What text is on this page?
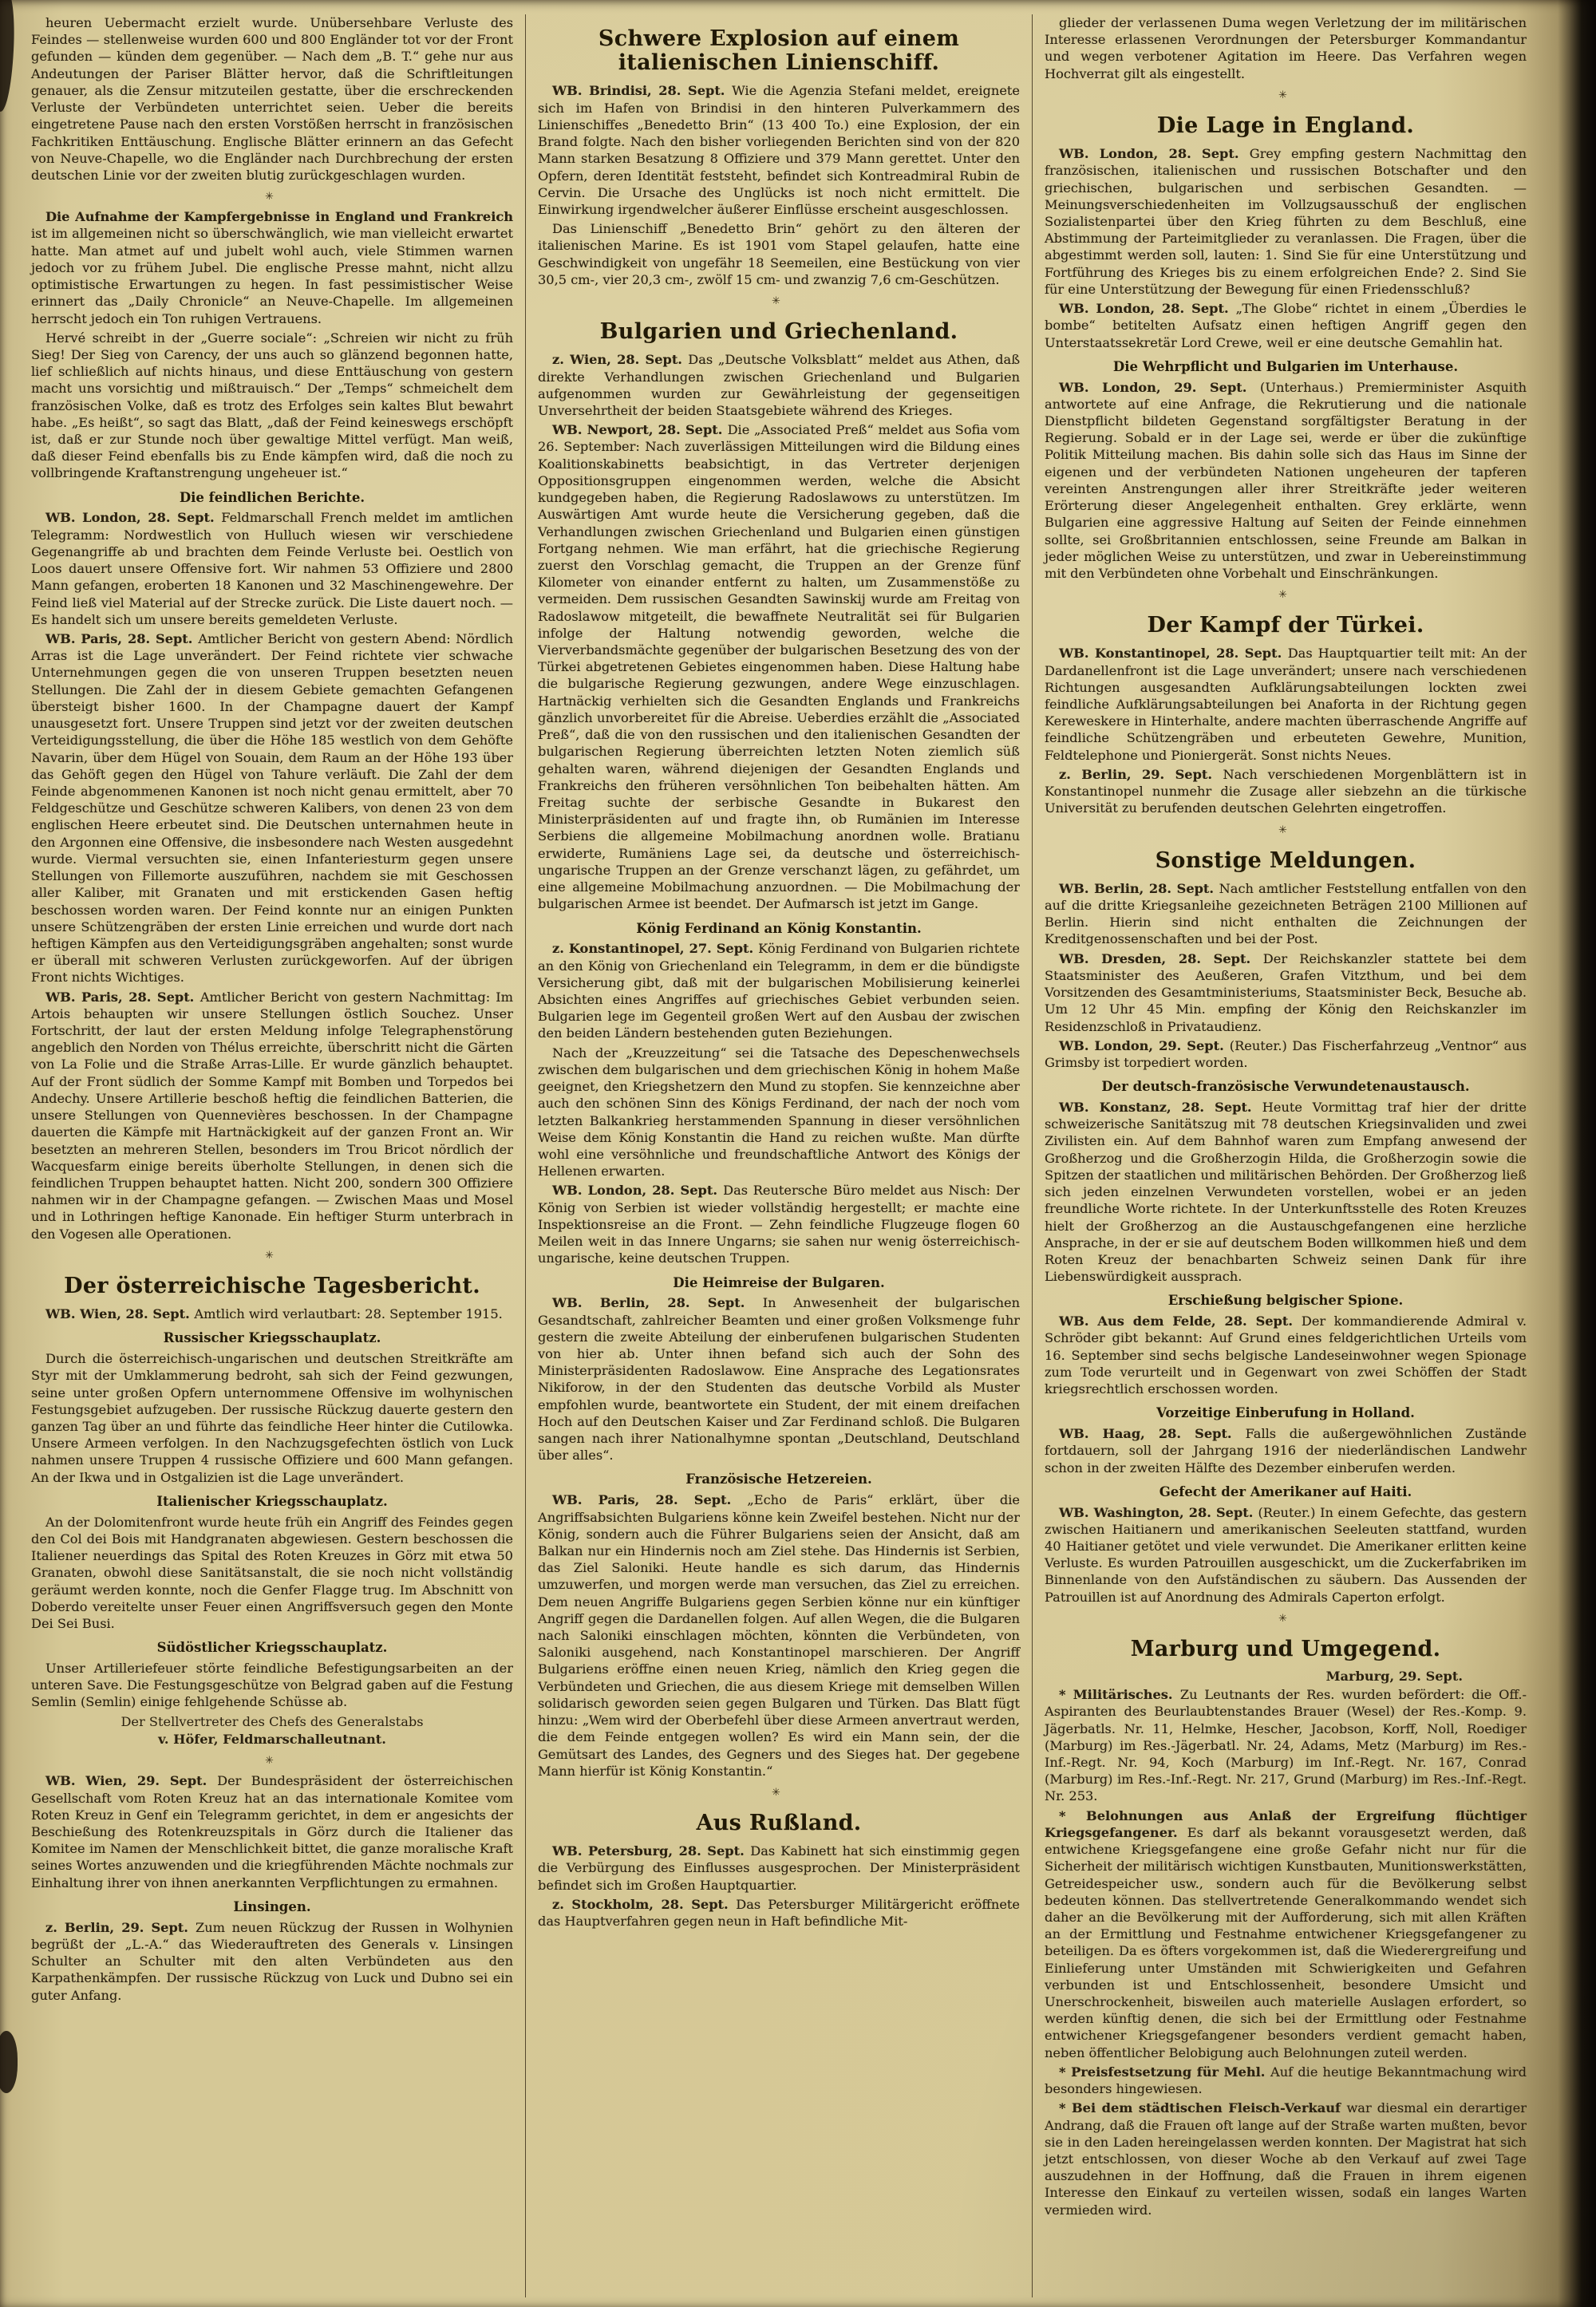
heuren Uebermacht erzielt wurde. Unübersehbare Verluste des Feindes — stellenweise wurden 600 und 800 Engländer tot vor der Front gefunden — künden dem gegenüber. — Nach dem „B. T.“ gehe nur aus Andeutungen der Pariser Blätter hervor, daß die Schriftleitungen genauer, als die Zensur mitzuteilen gestatte, über die erschreckenden Verluste der Verbündeten unterrichtet seien. Ueber die bereits eingetretene Pause nach den ersten Vorstößen herrscht in französischen Fachkritiken Enttäuschung. Englische Blätter erinnern an das Gefecht von Neuve-Chapelle, wo die Engländer nach Durchbrechung der ersten deutschen Linie vor der zweiten blutig zurückgeschlagen wurden.

✳

Die Aufnahme der Kampfergebnisse in England und Frankreich ist im allgemeinen nicht so überschwänglich, wie man vielleicht erwartet hatte. Man atmet auf und jubelt wohl auch, viele Stimmen warnen jedoch vor zu frühem Jubel. Die englische Presse mahnt, nicht allzu optimistische Erwartungen zu hegen. In fast pessimistischer Weise erinnert das „Daily Chronicle“ an Neuve-Chapelle. Im allgemeinen herrscht jedoch ein Ton ruhigen Vertrauens.

Hervé schreibt in der „Guerre sociale“: „Schreien wir nicht zu früh Sieg! Der Sieg von Carency, der uns auch so glänzend begonnen hatte, lief schließlich auf nichts hinaus, und diese Enttäuschung von gestern macht uns vorsichtig und mißtrauisch.“ Der „Temps“ schmeichelt dem französischen Volke, daß es trotz des Erfolges sein kaltes Blut bewahrt habe. „Es heißt“, so sagt das Blatt, „daß der Feind keineswegs erschöpft ist, daß er zur Stunde noch über gewaltige Mittel verfügt. Man weiß, daß dieser Feind ebenfalls bis zu Ende kämpfen wird, daß die noch zu vollbringende Kraftanstrengung ungeheuer ist.“

Die feindlichen Berichte.

WB. London, 28. Sept. Feldmarschall French meldet im amtlichen Telegramm: Nordwestlich von Hulluch wiesen wir verschiedene Gegenangriffe ab und brachten dem Feinde Verluste bei. Oestlich von Loos dauert unsere Offensive fort. Wir nahmen 53 Offiziere und 2800 Mann gefangen, eroberten 18 Kanonen und 32 Maschinengewehre. Der Feind ließ viel Material auf der Strecke zurück. Die Liste dauert noch. — Es handelt sich um unsere bereits gemeldeten Verluste.

WB. Paris, 28. Sept. Amtlicher Bericht von gestern Abend: Nördlich Arras ist die Lage unverändert. Der Feind richtete vier schwache Unternehmungen gegen die von unseren Truppen besetzten neuen Stellungen. Die Zahl der in diesem Gebiete gemachten Gefangenen übersteigt bisher 1600. In der Champagne dauert der Kampf unausgesetzt fort. Unsere Truppen sind jetzt vor der zweiten deutschen Verteidigungsstellung, die über die Höhe 185 westlich von dem Gehöfte Navarin, über dem Hügel von Souain, dem Raum an der Höhe 193 über das Gehöft gegen den Hügel von Tahure verläuft. Die Zahl der dem Feinde abgenommenen Kanonen ist noch nicht genau ermittelt, aber 70 Feldgeschütze und Geschütze schweren Kalibers, von denen 23 von dem englischen Heere erbeutet sind. Die Deutschen unternahmen heute in den Argonnen eine Offensive, die insbesondere nach Westen ausgedehnt wurde. Viermal versuchten sie, einen Infanteriesturm gegen unsere Stellungen von Fillemorte auszuführen, nachdem sie mit Geschossen aller Kaliber, mit Granaten und mit erstickenden Gasen heftig beschossen worden waren. Der Feind konnte nur an einigen Punkten unsere Schützengräben der ersten Linie erreichen und wurde dort nach heftigen Kämpfen aus den Verteidigungsgräben angehalten; sonst wurde er überall mit schweren Verlusten zurückgeworfen. Auf der übrigen Front nichts Wichtiges.

WB. Paris, 28. Sept. Amtlicher Bericht von gestern Nachmittag: Im Artois behaupten wir unsere Stellungen östlich Souchez. Unser Fortschritt, der laut der ersten Meldung infolge Telegraphenstörung angeblich den Norden von Thélus erreichte, überschritt nicht die Gärten von La Folie und die Straße Arras-Lille. Er wurde gänzlich behauptet. Auf der Front südlich der Somme Kampf mit Bomben und Torpedos bei Andechy. Unsere Artillerie beschoß heftig die feindlichen Batterien, die unsere Stellungen von Quennevières beschossen. In der Champagne dauerten die Kämpfe mit Hartnäckigkeit auf der ganzen Front an. Wir besetzten an mehreren Stellen, besonders im Trou Bricot nördlich der Wacquesfarm einige bereits überholte Stellungen, in denen sich die feindlichen Truppen behauptet hatten. Nicht 200, sondern 300 Offiziere nahmen wir in der Champagne gefangen. — Zwischen Maas und Mosel und in Lothringen heftige Kanonade. Ein heftiger Sturm unterbrach in den Vogesen alle Operationen.

✳
Der österreichische Tagesbericht.

WB. Wien, 28. Sept. Amtlich wird verlautbart: 28. September 1915.

Russischer Kriegsschauplatz.

Durch die österreichisch-ungarischen und deutschen Streitkräfte am Styr mit der Umklammerung bedroht, sah sich der Feind gezwungen, seine unter großen Opfern unternommene Offensive im wolhynischen Festungsgebiet aufzugeben. Der russische Rückzug dauerte gestern den ganzen Tag über an und führte das feindliche Heer hinter die Cutilowka. Unsere Armeen verfolgen. In den Nachzugsgefechten östlich von Luck nahmen unsere Truppen 4 russische Offiziere und 600 Mann gefangen. An der Ikwa und in Ostgalizien ist die Lage unverändert.

Italienischer Kriegsschauplatz.

An der Dolomitenfront wurde heute früh ein Angriff des Feindes gegen den Col dei Bois mit Handgranaten abgewiesen. Gestern beschossen die Italiener neuerdings das Spital des Roten Kreuzes in Görz mit etwa 50 Granaten, obwohl diese Sanitätsanstalt, die sie noch nicht vollständig geräumt werden konnte, noch die Genfer Flagge trug. Im Abschnitt von Doberdo vereitelte unser Feuer einen Angriffsversuch gegen den Monte Dei Sei Busi.

Südöstlicher Kriegsschauplatz.

Unser Artilleriefeuer störte feindliche Befestigungsarbeiten an der unteren Save. Die Festungsgeschütze von Belgrad gaben auf die Festung Semlin (Semlin) einige fehlgehende Schüsse ab.

Der Stellvertreter des Chefs des Generalstabs
v. Höfer, Feldmarschalleutnant.
✳

WB. Wien, 29. Sept. Der Bundespräsident der österreichischen Gesellschaft vom Roten Kreuz hat an das internationale Komitee vom Roten Kreuz in Genf ein Telegramm gerichtet, in dem er angesichts der Beschießung des Rotenkreuzspitals in Görz durch die Italiener das Komitee im Namen der Menschlichkeit bittet, die ganze moralische Kraft seines Wortes anzuwenden und die kriegführenden Mächte nochmals zur Einhaltung ihrer von ihnen anerkannten Verpflichtungen zu ermahnen.

Linsingen.

z. Berlin, 29. Sept. Zum neuen Rückzug der Russen in Wolhynien begrüßt der „L.-A.“ das Wiederauftreten des Generals v. Linsingen Schulter an Schulter mit den alten Verbündeten aus den Karpathenkämpfen. Der russische Rückzug von Luck und Dubno sei ein guter Anfang.

Schwere Explosion auf einem italienischen Linienschiff.

WB. Brindisi, 28. Sept. Wie die Agenzia Stefani meldet, ereignete sich im Hafen von Brindisi in den hinteren Pulverkammern des Linienschiffes „Benedetto Brin“ (13 400 To.) eine Explosion, der ein Brand folgte. Nach den bisher vorliegenden Berichten sind von der 820 Mann starken Besatzung 8 Offiziere und 379 Mann gerettet. Unter den Opfern, deren Identität feststeht, befindet sich Kontreadmiral Rubin de Cervin. Die Ursache des Unglücks ist noch nicht ermittelt. Die Einwirkung irgendwelcher äußerer Einflüsse erscheint ausgeschlossen.

Das Linienschiff „Benedetto Brin“ gehört zu den älteren der italienischen Marine. Es ist 1901 vom Stapel gelaufen, hatte eine Geschwindigkeit von ungefähr 18 Seemeilen, eine Bestückung von vier 30,5 cm-, vier 20,3 cm-, zwölf 15 cm- und zwanzig 7,6 cm-Geschützen.

✳
Bulgarien und Griechenland.

z. Wien, 28. Sept. Das „Deutsche Volksblatt“ meldet aus Athen, daß direkte Verhandlungen zwischen Griechenland und Bulgarien aufgenommen wurden zur Gewährleistung der gegenseitigen Unversehrtheit der beiden Staatsgebiete während des Krieges.

WB. Newport, 28. Sept. Die „Associated Preß“ meldet aus Sofia vom 26. September: Nach zuverlässigen Mitteilungen wird die Bildung eines Koalitionskabinetts beabsichtigt, in das Vertreter derjenigen Oppositionsgruppen eingenommen werden, welche die Absicht kundgegeben haben, die Regierung Radoslawows zu unterstützen. Im Auswärtigen Amt wurde heute die Versicherung gegeben, daß die Verhandlungen zwischen Griechenland und Bulgarien einen günstigen Fortgang nehmen. Wie man erfährt, hat die griechische Regierung zuerst den Vorschlag gemacht, die Truppen an der Grenze fünf Kilometer von einander entfernt zu halten, um Zusammenstöße zu vermeiden. Dem russischen Gesandten Sawinskij wurde am Freitag von Radoslawow mitgeteilt, die bewaffnete Neutralität sei für Bulgarien infolge der Haltung notwendig geworden, welche die Vierverbandsmächte gegenüber der bulgarischen Besetzung des von der Türkei abgetretenen Gebietes eingenommen haben. Diese Haltung habe die bulgarische Regierung gezwungen, andere Wege einzuschlagen. Hartnäckig verhielten sich die Gesandten Englands und Frankreichs gänzlich unvorbereitet für die Abreise. Ueberdies erzählt die „Associated Preß“, daß die von den russischen und den italienischen Gesandten der bulgarischen Regierung überreichten letzten Noten ziemlich süß gehalten waren, während diejenigen der Gesandten Englands und Frankreichs den früheren versöhnlichen Ton beibehalten hätten. Am Freitag suchte der serbische Gesandte in Bukarest den Ministerpräsidenten auf und fragte ihn, ob Rumänien im Interesse Serbiens die allgemeine Mobilmachung anordnen wolle. Bratianu erwiderte, Rumäniens Lage sei, da deutsche und österreichisch-ungarische Truppen an der Grenze verschanzt lägen, zu gefährdet, um eine allgemeine Mobilmachung anzuordnen. — Die Mobilmachung der bulgarischen Armee ist beendet. Der Aufmarsch ist jetzt im Gange.

König Ferdinand an König Konstantin.

z. Konstantinopel, 27. Sept. König Ferdinand von Bulgarien richtete an den König von Griechenland ein Telegramm, in dem er die bündigste Versicherung gibt, daß mit der bulgarischen Mobilisierung keinerlei Absichten eines Angriffes auf griechisches Gebiet verbunden seien. Bulgarien lege im Gegenteil großen Wert auf den Ausbau der zwischen den beiden Ländern bestehenden guten Beziehungen.

Nach der „Kreuzzeitung“ sei die Tatsache des Depeschenwechsels zwischen dem bulgarischen und dem griechischen König in hohem Maße geeignet, den Kriegshetzern den Mund zu stopfen. Sie kennzeichne aber auch den schönen Sinn des Königs Ferdinand, der nach der noch vom letzten Balkankrieg herstammenden Spannung in dieser versöhnlichen Weise dem König Konstantin die Hand zu reichen wußte. Man dürfte wohl eine versöhnliche und freundschaftliche Antwort des Königs der Hellenen erwarten.

WB. London, 28. Sept. Das Reutersche Büro meldet aus Nisch: Der König von Serbien ist wieder vollständig hergestellt; er machte eine Inspektionsreise an die Front. — Zehn feindliche Flugzeuge flogen 60 Meilen weit in das Innere Ungarns; sie sahen nur wenig österreichisch-ungarische, keine deutschen Truppen.

Die Heimreise der Bulgaren.

WB. Berlin, 28. Sept. In Anwesenheit der bulgarischen Gesandtschaft, zahlreicher Beamten und einer großen Volksmenge fuhr gestern die zweite Abteilung der einberufenen bulgarischen Studenten von hier ab. Unter ihnen befand sich auch der Sohn des Ministerpräsidenten Radoslawow. Eine Ansprache des Legationsrates Nikiforow, in der den Studenten das deutsche Vorbild als Muster empfohlen wurde, beantwortete ein Student, der mit einem dreifachen Hoch auf den Deutschen Kaiser und Zar Ferdinand schloß. Die Bulgaren sangen nach ihrer Nationalhymne spontan „Deutschland, Deutschland über alles“.

Französische Hetzereien.

WB. Paris, 28. Sept. „Echo de Paris“ erklärt, über die Angriffsabsichten Bulgariens könne kein Zweifel bestehen. Nicht nur der König, sondern auch die Führer Bulgariens seien der Ansicht, daß am Balkan nur ein Hindernis noch am Ziel stehe. Das Hindernis ist Serbien, das Ziel Saloniki. Heute handle es sich darum, das Hindernis umzuwerfen, und morgen werde man versuchen, das Ziel zu erreichen. Dem neuen Angriffe Bulgariens gegen Serbien könne nur ein künftiger Angriff gegen die Dardanellen folgen. Auf allen Wegen, die die Bulgaren nach Saloniki einschlagen möchten, könnten die Verbündeten, von Saloniki ausgehend, nach Konstantinopel marschieren. Der Angriff Bulgariens eröffne einen neuen Krieg, nämlich den Krieg gegen die Verbündeten und Griechen, die aus diesem Kriege mit demselben Willen solidarisch geworden seien gegen Bulgaren und Türken. Das Blatt fügt hinzu: „Wem wird der Oberbefehl über diese Armeen anvertraut werden, die dem Feinde entgegen wollen? Es wird ein Mann sein, der die Gemütsart des Landes, des Gegners und des Sieges hat. Der gegebene Mann hierfür ist König Konstantin.“

✳
Aus Rußland.

WB. Petersburg, 28. Sept. Das Kabinett hat sich einstimmig gegen die Verbürgung des Einflusses ausgesprochen. Der Ministerpräsident befindet sich im Großen Hauptquartier.

z. Stockholm, 28. Sept. Das Petersburger Militärgericht eröffnete das Hauptverfahren gegen neun in Haft befindliche Mit-

glieder der verlassenen Duma wegen Verletzung der im militärischen Interesse erlassenen Verordnungen der Petersburger Kommandantur und wegen verbotener Agitation im Heere. Das Verfahren wegen Hochverrat gilt als eingestellt.

✳
Die Lage in England.

WB. London, 28. Sept. Grey empfing gestern Nachmittag den französischen, italienischen und russischen Botschafter und den griechischen, bulgarischen und serbischen Gesandten. — Meinungsverschiedenheiten im Vollzugsausschuß der englischen Sozialistenpartei über den Krieg führten zu dem Beschluß, eine Abstimmung der Parteimitglieder zu veranlassen. Die Fragen, über die abgestimmt werden soll, lauten: 1. Sind Sie für eine Unterstützung und Fortführung des Krieges bis zu einem erfolgreichen Ende? 2. Sind Sie für eine Unterstützung der Bewegung für einen Friedensschluß?

WB. London, 28. Sept. „The Globe“ richtet in einem „Überdies le bombe“ betitelten Aufsatz einen heftigen Angriff gegen den Unterstaatssekretär Lord Crewe, weil er eine deutsche Gemahlin hat.

Die Wehrpflicht und Bulgarien im Unterhause.

WB. London, 29. Sept. (Unterhaus.) Premierminister Asquith antwortete auf eine Anfrage, die Rekrutierung und die nationale Dienstpflicht bildeten Gegenstand sorgfältigster Beratung in der Regierung. Sobald er in der Lage sei, werde er über die zukünftige Politik Mitteilung machen. Bis dahin solle sich das Haus im Sinne der eigenen und der verbündeten Nationen ungeheuren der tapferen vereinten Anstrengungen aller ihrer Streitkräfte jeder weiteren Erörterung dieser Angelegenheit enthalten. Grey erklärte, wenn Bulgarien eine aggressive Haltung auf Seiten der Feinde einnehmen sollte, sei Großbritannien entschlossen, seine Freunde am Balkan in jeder möglichen Weise zu unterstützen, und zwar in Uebereinstimmung mit den Verbündeten ohne Vorbehalt und Einschränkungen.

✳
Der Kampf der Türkei.

WB. Konstantinopel, 28. Sept. Das Hauptquartier teilt mit: An der Dardanellenfront ist die Lage unverändert; unsere nach verschiedenen Richtungen ausgesandten Aufklärungsabteilungen lockten zwei feindliche Aufklärungsabteilungen bei Anaforta in der Richtung gegen Kereweskere in Hinterhalte, andere machten überraschende Angriffe auf feindliche Schützengräben und erbeuteten Gewehre, Munition, Feldtelephone und Pioniergerät. Sonst nichts Neues.

z. Berlin, 29. Sept. Nach verschiedenen Morgenblättern ist in Konstantinopel nunmehr die Zusage aller siebzehn an die türkische Universität zu berufenden deutschen Gelehrten eingetroffen.

✳
Sonstige Meldungen.

WB. Berlin, 28. Sept. Nach amtlicher Feststellung entfallen von den auf die dritte Kriegsanleihe gezeichneten Beträgen 2100 Millionen auf Berlin. Hierin sind nicht enthalten die Zeichnungen der Kreditgenossenschaften und bei der Post.

WB. Dresden, 28. Sept. Der Reichskanzler stattete bei dem Staatsminister des Aeußeren, Grafen Vitzthum, und bei dem Vorsitzenden des Gesamtministeriums, Staatsminister Beck, Besuche ab. Um 12 Uhr 45 Min. empfing der König den Reichskanzler im Residenzschloß in Privataudienz.

WB. London, 29. Sept. (Reuter.) Das Fischerfahrzeug „Ventnor“ aus Grimsby ist torpediert worden.

Der deutsch-französische Verwundetenaustausch.

WB. Konstanz, 28. Sept. Heute Vormittag traf hier der dritte schweizerische Sanitätszug mit 78 deutschen Kriegsinvaliden und zwei Zivilisten ein. Auf dem Bahnhof waren zum Empfang anwesend der Großherzog und die Großherzogin Hilda, die Großherzogin sowie die Spitzen der staatlichen und militärischen Behörden. Der Großherzog ließ sich jeden einzelnen Verwundeten vorstellen, wobei er an jeden freundliche Worte richtete. In der Unterkunftsstelle des Roten Kreuzes hielt der Großherzog an die Austauschgefangenen eine herzliche Ansprache, in der er sie auf deutschem Boden willkommen hieß und dem Roten Kreuz der benachbarten Schweiz seinen Dank für ihre Liebenswürdigkeit aussprach.

Erschießung belgischer Spione.

WB. Aus dem Felde, 28. Sept. Der kommandierende Admiral v. Schröder gibt bekannt: Auf Grund eines feldgerichtlichen Urteils vom 16. September sind sechs belgische Landeseinwohner wegen Spionage zum Tode verurteilt und in Gegenwart von zwei Schöffen der Stadt kriegsrechtlich erschossen worden.

Vorzeitige Einberufung in Holland.

WB. Haag, 28. Sept. Falls die außergewöhnlichen Zustände fortdauern, soll der Jahrgang 1916 der niederländischen Landwehr schon in der zweiten Hälfte des Dezember einberufen werden.

Gefecht der Amerikaner auf Haiti.

WB. Washington, 28. Sept. (Reuter.) In einem Gefechte, das gestern zwischen Haitianern und amerikanischen Seeleuten stattfand, wurden 40 Haitianer getötet und viele verwundet. Die Amerikaner erlitten keine Verluste. Es wurden Patrouillen ausgeschickt, um die Zuckerfabriken im Binnenlande von den Aufständischen zu säubern. Das Aussenden der Patrouillen ist auf Anordnung des Admirals Caperton erfolgt.

✳
Marburg und Umgegend.
Marburg, 29. Sept.

* Militärisches. Zu Leutnants der Res. wurden befördert: die Off.-Aspiranten des Beurlaubtenstandes Brauer (Wesel) der Res.-Komp. 9. Jägerbatls. Nr. 11, Helmke, Hescher, Jacobson, Korff, Noll, Roediger (Marburg) im Res.-Jägerbatl. Nr. 24, Adams, Metz (Marburg) im Res.-Inf.-Regt. Nr. 94, Koch (Marburg) im Inf.-Regt. Nr. 167, Conrad (Marburg) im Res.-Inf.-Regt. Nr. 217, Grund (Marburg) im Res.-Inf.-Regt. Nr. 253.

* Belohnungen aus Anlaß der Ergreifung flüchtiger Kriegsgefangener. Es darf als bekannt vorausgesetzt werden, daß entwichene Kriegsgefangene eine große Gefahr nicht nur für die Sicherheit der militärisch wichtigen Kunstbauten, Munitionswerkstätten, Getreidespeicher usw., sondern auch für die Bevölkerung selbst bedeuten können. Das stellvertretende Generalkommando wendet sich daher an die Bevölkerung mit der Aufforderung, sich mit allen Kräften an der Ermittlung und Festnahme entwichener Kriegsgefangener zu beteiligen. Da es öfters vorgekommen ist, daß die Wiederergreifung und Einlieferung unter Umständen mit Schwierigkeiten und Gefahren verbunden ist und Entschlossenheit, besondere Umsicht und Unerschrockenheit, bisweilen auch materielle Auslagen erfordert, so werden künftig denen, die sich bei der Ermittlung oder Festnahme entwichener Kriegsgefangener besonders verdient gemacht haben, neben öffentlicher Belobigung auch Belohnungen zuteil werden.

* Preisfestsetzung für Mehl. Auf die heutige Bekanntmachung wird besonders hingewiesen.

* Bei dem städtischen Fleisch-Verkauf war diesmal ein derartiger Andrang, daß die Frauen oft lange auf der Straße warten mußten, bevor sie in den Laden hereingelassen werden konnten. Der Magistrat hat sich jetzt entschlossen, von dieser Woche ab den Verkauf auf zwei Tage auszudehnen in der Hoffnung, daß die Frauen in ihrem eigenen Interesse den Einkauf zu verteilen wissen, sodaß ein langes Warten vermieden wird.
